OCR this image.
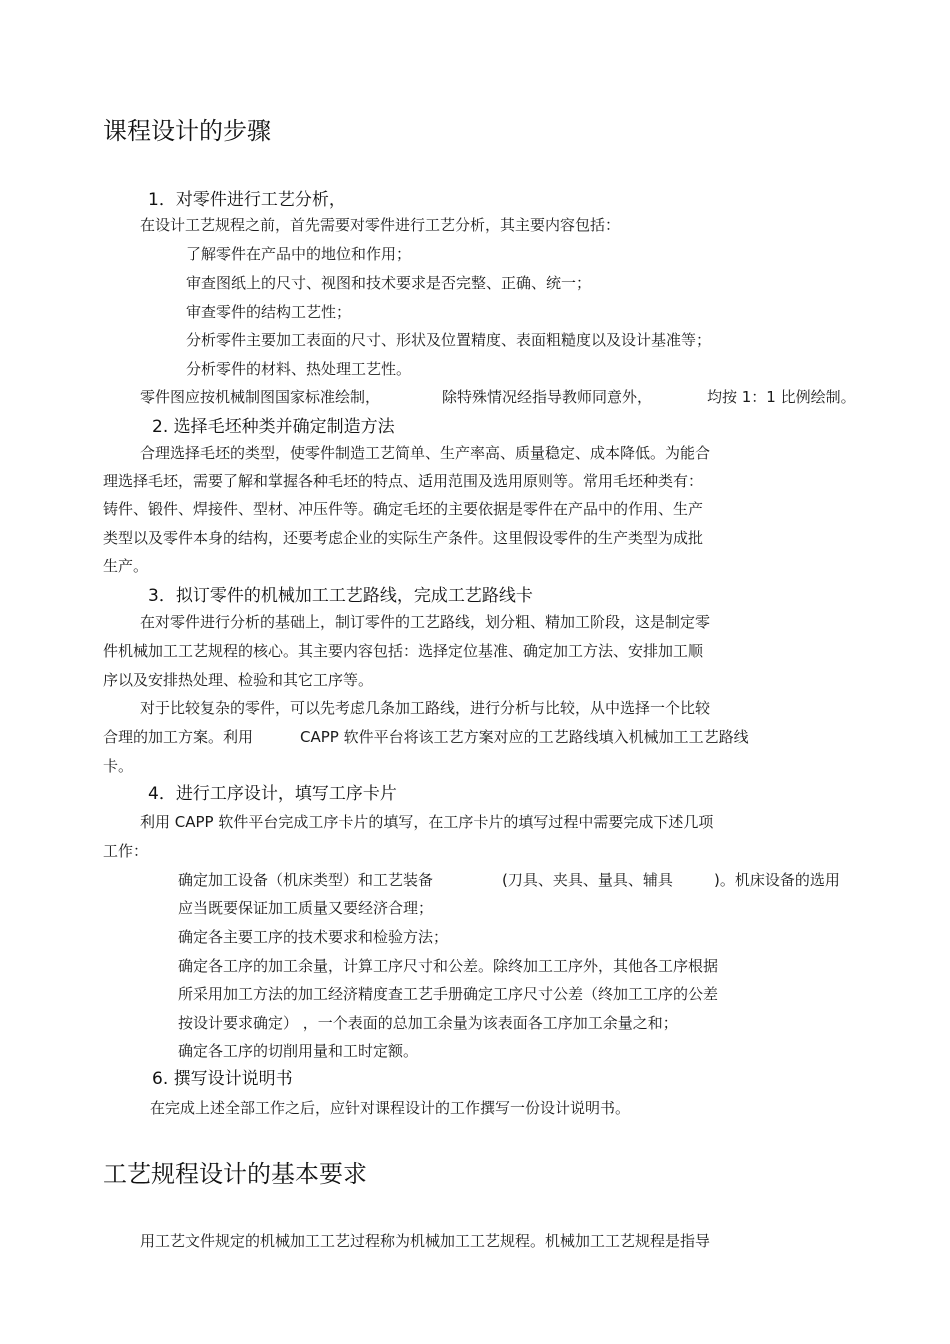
课程设计的步骤
1．对零件进行工艺分析，
在设计工艺规程之前，首先需要对零件进行工艺分析，其主要内容包括：
了解零件在产品中的地位和作用；
审查图纸上的尺寸、视图和技术要求是否完整、正确、统一；
审查零件的结构工艺性；
分析零件主要加工表面的尺寸、形状及位置精度、表面粗糙度以及设计基准等；
分析零件的材料、热处理工艺性。
零件图应按机械制图国家标准绘制，	除特殊情况经指导教师同意外，	均按 1：1 比例绘制。
2. 选择毛坯种类并确定制造方法
合理选择毛坯的类型，使零件制造工艺简单、生产率高、质量稳定、成本降低。为能合
理选择毛坯，需要了解和掌握各种毛坯的特点、适用范围及选用原则等。常用毛坯种类有：
铸件、锻件、焊接件、型材、冲压件等。确定毛坯的主要依据是零件在产品中的作用、生产
类型以及零件本身的结构，还要考虑企业的实际生产条件。这里假设零件的生产类型为成批
生产。
3．拟订零件的机械加工工艺路线，完成工艺路线卡
在对零件进行分析的基础上，制订零件的工艺路线，划分粗、精加工阶段，这是制定零
件机械加工工艺规程的核心。其主要内容包括：选择定位基准、确定加工方法、安排加工顺
序以及安排热处理、检验和其它工序等。
对于比较复杂的零件，可以先考虑几条加工路线，进行分析与比较，从中选择一个比较
合理的加工方案。利用	CAPP 软件平台将该工艺方案对应的工艺路线填入机械加工工艺路线
卡。
4．进行工序设计，填写工序卡片
利用 CAPP 软件平台完成工序卡片的填写，在工序卡片的填写过程中需要完成下述几项
工作：
确定加工设备（机床类型）和工艺装备	(刀具、夹具、量具、辅具	)。机床设备的选用
应当既要保证加工质量又要经济合理；
确定各主要工序的技术要求和检验方法；
确定各工序的加工余量，计算工序尺寸和公差。除终加工工序外，其他各工序根据
所采用加工方法的加工经济精度查工艺手册确定工序尺寸公差（终加工工序的公差
按设计要求确定） ，一个表面的总加工余量为该表面各工序加工余量之和；
确定各工序的切削用量和工时定额。
6. 撰写设计说明书
在完成上述全部工作之后，应针对课程设计的工作撰写一份设计说明书。
工艺规程设计的基本要求
用工艺文件规定的机械加工工艺过程称为机械加工工艺规程。机械加工工艺规程是指导
